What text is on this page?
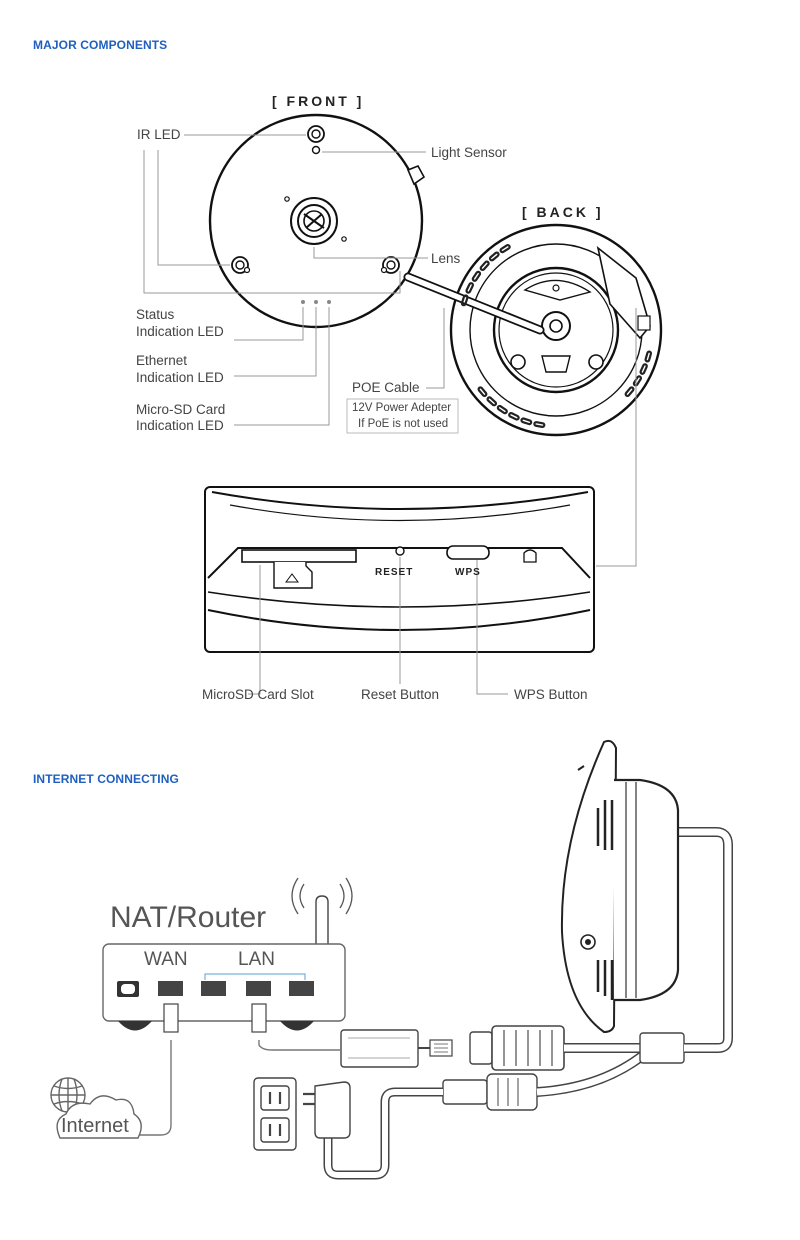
MAJOR COMPONENTS
INTERNET CONNECTING
[ FRONT ]
[ BACK ]
IR LED
Light Sensor
Lens
Status
Indication LED
Ethernet
Indication LED
Micro-SD Card
Indication LED
POE Cable
12V Power Adepter
If PoE is not used
RESET	WPS
MicroSD Card Slot	Reset Button	WPS Button
NAT/Router
WAN	LAN
Internet
